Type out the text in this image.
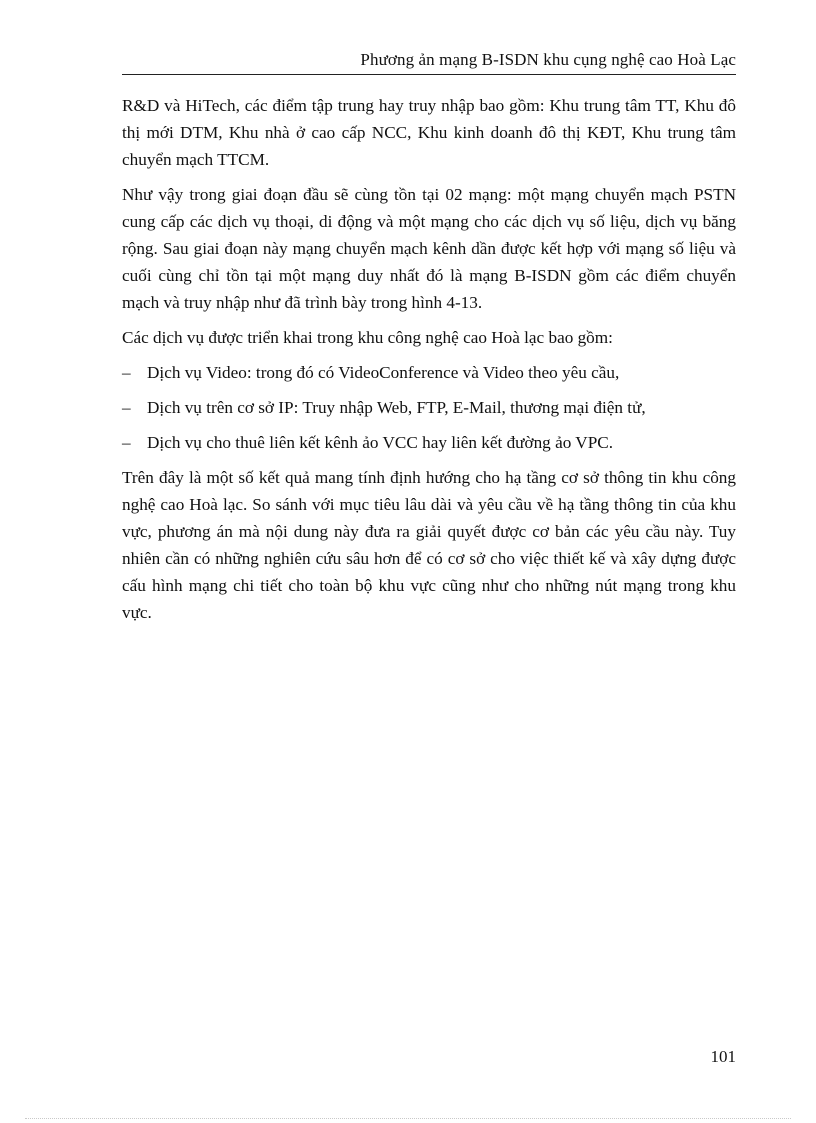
Phương ản mạng B-ISDN khu cụng nghệ cao Hoà Lạc

R&D và HiTech, các điểm tập trung hay truy nhập bao gồm: Khu trung tâm TT, Khu đô thị mới DTM, Khu nhà ở cao cấp NCC, Khu kinh doanh đô thị KĐT, Khu trung tâm chuyển mạch TTCM.

Như vậy trong giai đoạn đầu sẽ cùng tồn tại 02 mạng: một mạng chuyển mạch PSTN cung cấp các dịch vụ thoại, di động và một mạng cho các dịch vụ số liệu, dịch vụ băng rộng. Sau giai đoạn này mạng chuyển mạch kênh dần được kết hợp với mạng số liệu và cuối cùng chỉ tồn tại một mạng duy nhất đó là mạng B-ISDN gồm các điểm chuyển mạch và truy nhập như đã trình bày trong hình 4-13.

Các dịch vụ được triển khai trong khu công nghệ cao Hoà lạc bao gồm:

– Dịch vụ Video: trong đó có VideoConference và Video theo yêu cầu,
– Dịch vụ trên cơ sở IP: Truy nhập Web, FTP, E-Mail, thương mại điện tử,
– Dịch vụ cho thuê liên kết kênh ảo VCC hay liên kết đường ảo VPC.

Trên đây là một số kết quả mang tính định hướng cho hạ tầng cơ sở thông tin khu công nghệ cao Hoà lạc. So sánh với mục tiêu lâu dài và yêu cầu về hạ tầng thông tin của khu vực, phương án mà nội dung này đưa ra giải quyết được cơ bản các yêu cầu này. Tuy nhiên cần có những nghiên cứu sâu hơn để có cơ sở cho việc thiết kế và xây dựng được cấu hình mạng chi tiết cho toàn bộ khu vực cũng như cho những nút mạng trong khu vực.

101
